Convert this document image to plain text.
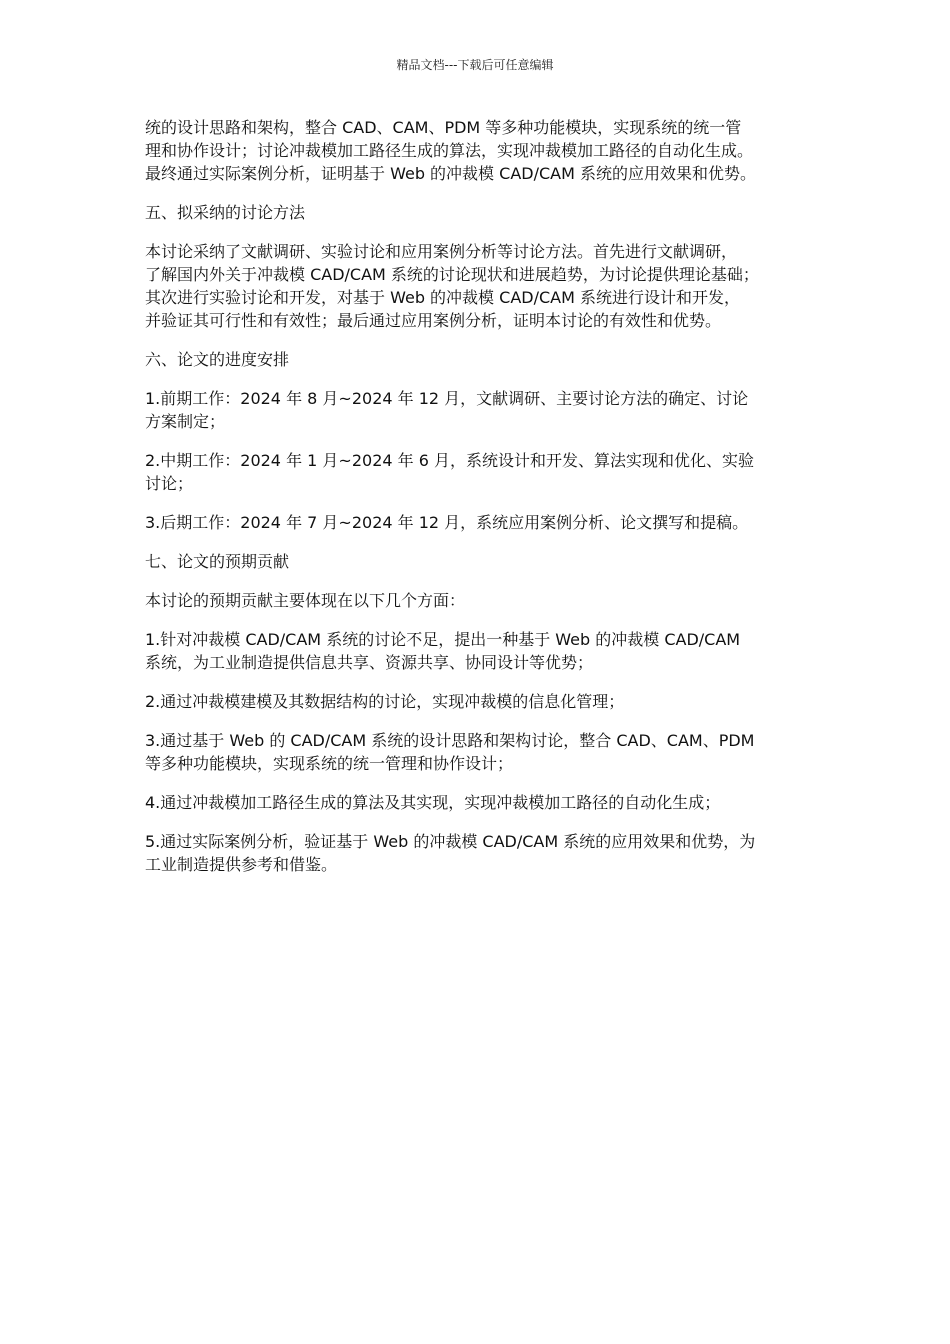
精品文档---下载后可任意编辑
统的设计思路和架构，整合 CAD、CAM、PDM 等多种功能模块，实现系统的统一管
理和协作设计；讨论冲裁模加工路径生成的算法，实现冲裁模加工路径的自动化生成。
最终通过实际案例分析，证明基于 Web 的冲裁模 CAD/CAM 系统的应用效果和优势。
五、拟采纳的讨论方法
本讨论采纳了文献调研、实验讨论和应用案例分析等讨论方法。首先进行文献调研，
了解国内外关于冲裁模 CAD/CAM 系统的讨论现状和进展趋势，为讨论提供理论基础；
其次进行实验讨论和开发，对基于 Web 的冲裁模 CAD/CAM 系统进行设计和开发，
并验证其可行性和有效性；最后通过应用案例分析，证明本讨论的有效性和优势。
六、论文的进度安排
1.前期工作：2024 年 8 月~2024 年 12 月，文献调研、主要讨论方法的确定、讨论
方案制定；
2.中期工作：2024 年 1 月~2024 年 6 月，系统设计和开发、算法实现和优化、实验
讨论；
3.后期工作：2024 年 7 月~2024 年 12 月，系统应用案例分析、论文撰写和提稿。
七、论文的预期贡献
本讨论的预期贡献主要体现在以下几个方面：
1.针对冲裁模 CAD/CAM 系统的讨论不足，提出一种基于 Web 的冲裁模 CAD/CAM
系统，为工业制造提供信息共享、资源共享、协同设计等优势；
2.通过冲裁模建模及其数据结构的讨论，实现冲裁模的信息化管理；
3.通过基于 Web 的 CAD/CAM 系统的设计思路和架构讨论，整合 CAD、CAM、PDM
等多种功能模块，实现系统的统一管理和协作设计；
4.通过冲裁模加工路径生成的算法及其实现，实现冲裁模加工路径的自动化生成；
5.通过实际案例分析，验证基于 Web 的冲裁模 CAD/CAM 系统的应用效果和优势，为
工业制造提供参考和借鉴。
